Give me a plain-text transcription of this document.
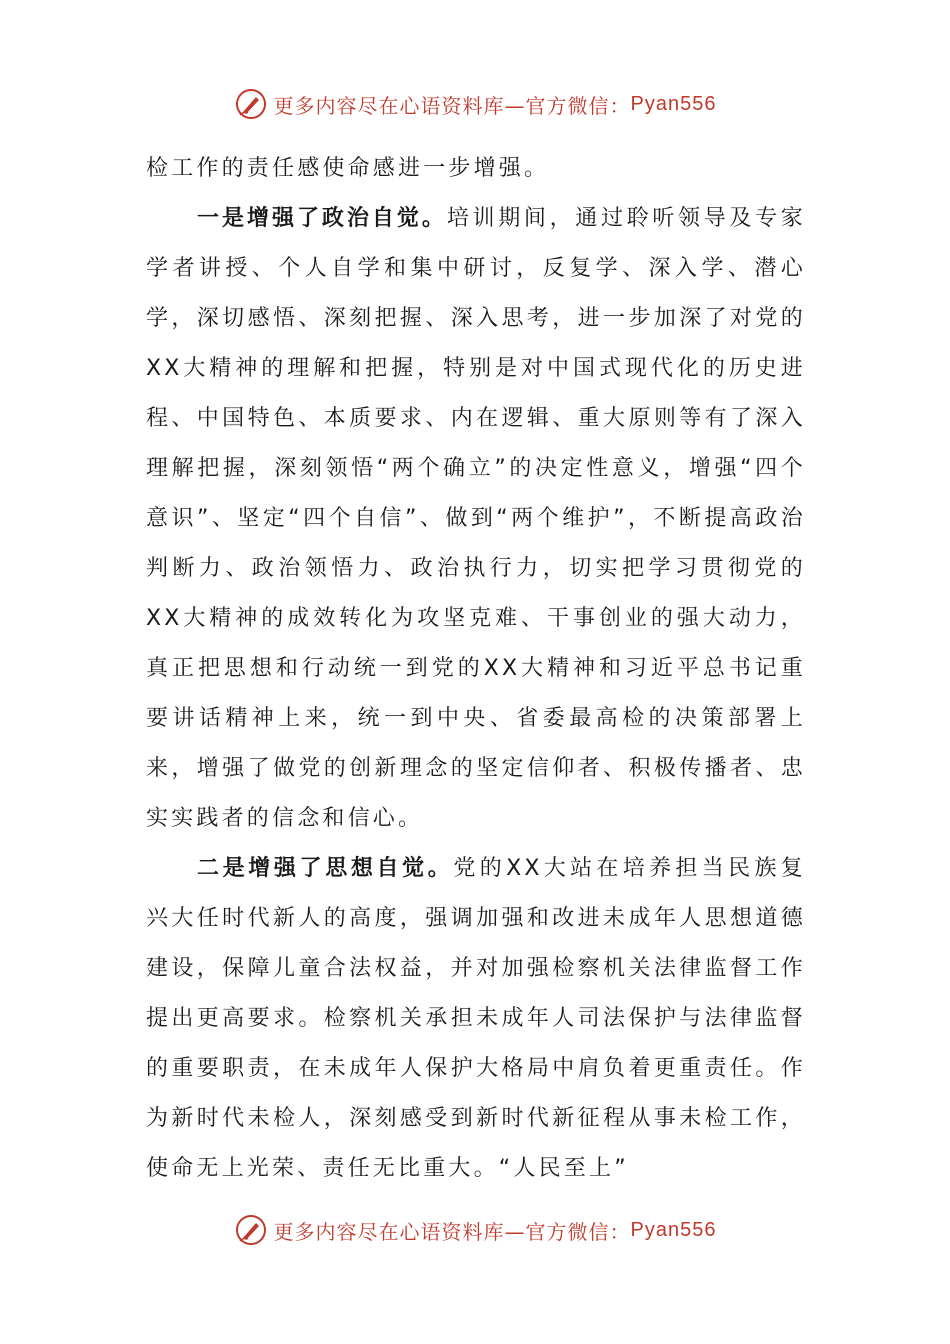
更多内容尽在心语资料库—官方微信： Pyan556

检工作的责任感使命感进一步增强。

一是增强了政治自觉。培训期间，通过聆听领导及专家学者讲授、个人自学和集中研讨，反复学、深入学、潜心学，深切感悟、深刻把握、深入思考，进一步加深了对党的XX大精神的理解和把握，特别是对中国式现代化的历史进程、中国特色、本质要求、内在逻辑、重大原则等有了深入理解把握，深刻领悟“两个确立”的决定性意义，增强“四个意识”、坚定“四个自信”、做到“两个维护”，不断提高政治判断力、政治领悟力、政治执行力，切实把学习贯彻党的XX大精神的成效转化为攻坚克难、干事创业的强大动力，真正把思想和行动统一到党的XX大精神和习近平总书记重要讲话精神上来，统一到中央、省委最高检的决策部署上来，增强了做党的创新理念的坚定信仰者、积极传播者、忠实实践者的信念和信心。

二是增强了思想自觉。党的XX大站在培养担当民族复兴大任时代新人的高度，强调加强和改进未成年人思想道德建设，保障儿童合法权益，并对加强检察机关法律监督工作提出更高要求。检察机关承担未成年人司法保护与法律监督的重要职责，在未成年人保护大格局中肩负着更重责任。作为新时代未检人，深刻感受到新时代新征程从事未检工作，使命无上光荣、责任无比重大。“人民至上”

更多内容尽在心语资料库—官方微信： Pyan556
